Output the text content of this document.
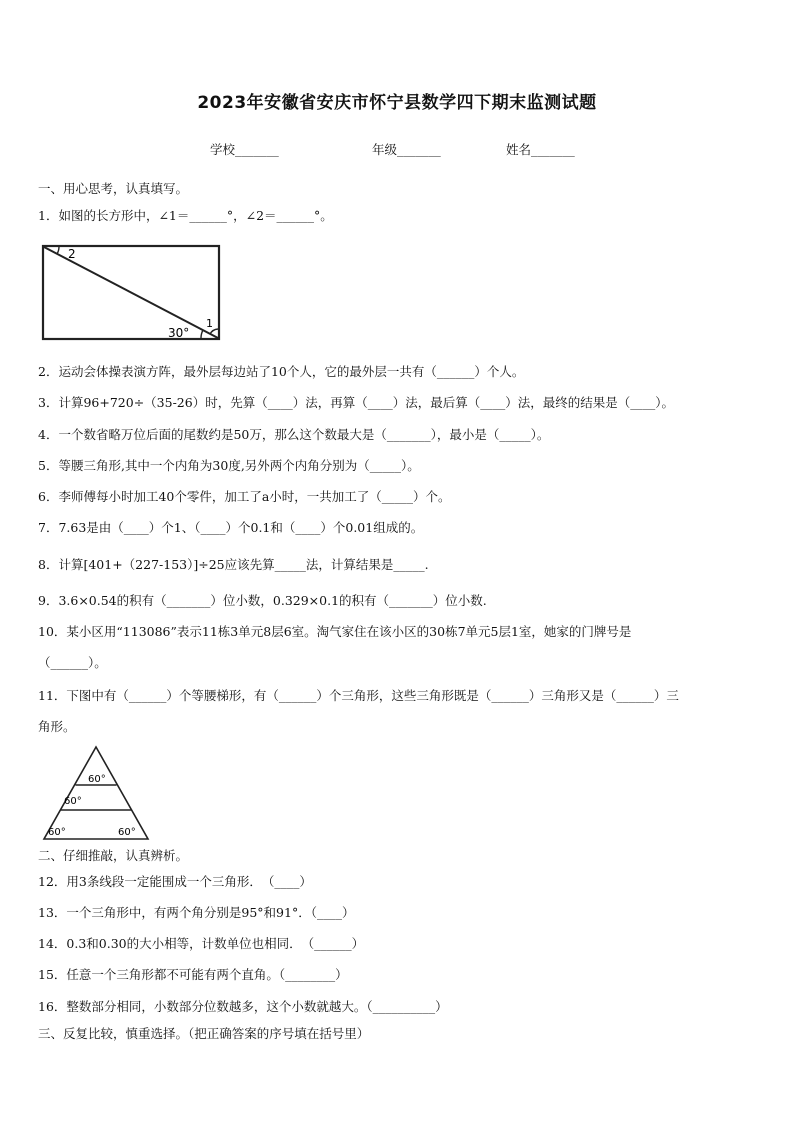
2023年安徽省安庆市怀宁县数学四下期末监测试题
学校_______	年级_______	姓名_______
一、用心思考，认真填写。
1．如图的长方形中，∠1＝______°，∠2＝______°。
2
1
30°
2．运动会体操表演方阵，最外层每边站了10个人，它的最外层一共有（______）个人。
3．计算96+720÷（35-26）时，先算（____）法，再算（____）法，最后算（____）法，最终的结果是（____）。
4．一个数省略万位后面的尾数约是50万，那么这个数最大是（_______），最小是（_____）。
5．等腰三角形,其中一个内角为30度,另外两个内角分别为（_____）。
6．李师傅每小时加工40个零件，加工了a小时，一共加工了（_____）个。
7．7.63是由（____）个1、（____）个0.1和（____）个0.01组成的。
8．计算[401+（227-153）]÷25应该先算_____法，计算结果是_____.
9．3.6×0.54的积有（_______）位小数，0.329×0.1的积有（_______）位小数.
10．某小区用“113086”表示11栋3单元8层6室。淘气家住在该小区的30栋7单元5层1室，她家的门牌号是
（______）。
11．下图中有（______）个等腰梯形，有（______）个三角形，这些三角形既是（______）三角形又是（______）三
角形。
60°
60°
60°	60°
二、仔细推敲，认真辨析。
12．用3条线段一定能围成一个三角形．　（____）
13．一个三角形中，有两个角分别是95°和91°．（____）
14．0.3和0.30的大小相等，计数单位也相同．　（______）
15．任意一个三角形都不可能有两个直角。（________）
16．整数部分相同，小数部分位数越多，这个小数就越大。（__________）
三、反复比较，慎重选择。（把正确答案的序号填在括号里）
